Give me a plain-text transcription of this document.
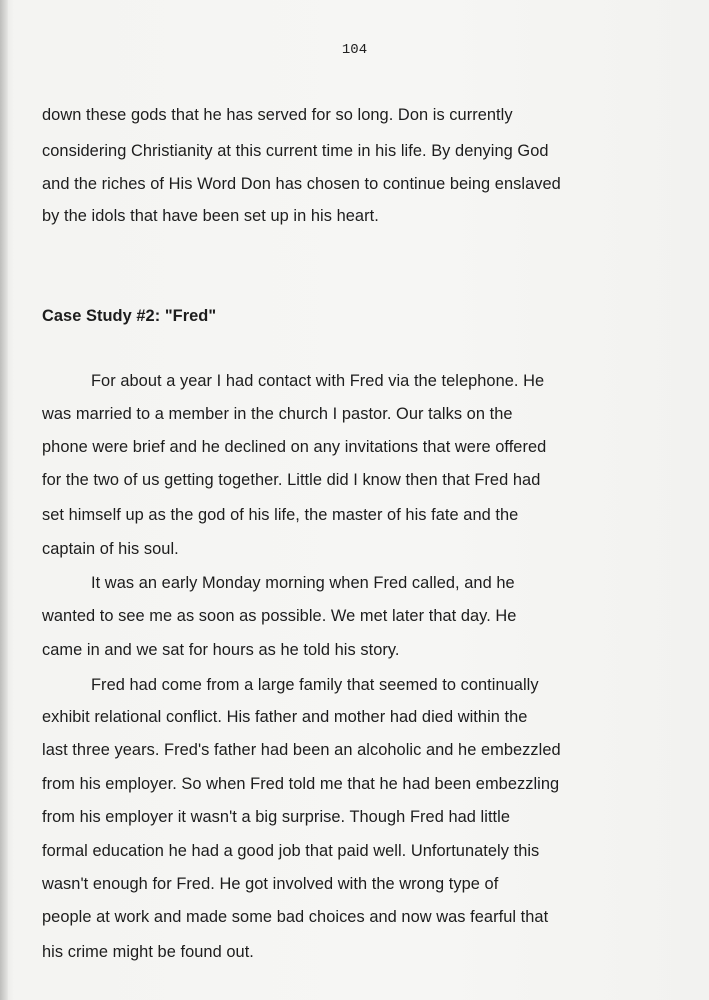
104

down these gods that he has served for so long. Don is currently

considering Christianity at this current time in his life. By denying God

and the riches of His Word Don has chosen to continue being enslaved

by the idols that have been set up in his heart.

Case Study #2: "Fred"

For about a year I had contact with Fred via the telephone. He

was married to a member in the church I pastor. Our talks on the

phone were brief and he declined on any invitations that were offered

for the two of us getting together. Little did I know then that Fred had

set himself up as the god of his life, the master of his fate and the

captain of his soul.

It was an early Monday morning when Fred called, and he

wanted to see me as soon as possible. We met later that day. He

came in and we sat for hours as he told his story.

Fred had come from a large family that seemed to continually

exhibit relational conflict. His father and mother had died within the

last three years. Fred's father had been an alcoholic and he embezzled

from his employer. So when Fred told me that he had been embezzling

from his employer it wasn't a big surprise. Though Fred had little

formal education he had a good job that paid well. Unfortunately this

wasn't enough for Fred. He got involved with the wrong type of

people at work and made some bad choices and now was fearful that

his crime might be found out.
